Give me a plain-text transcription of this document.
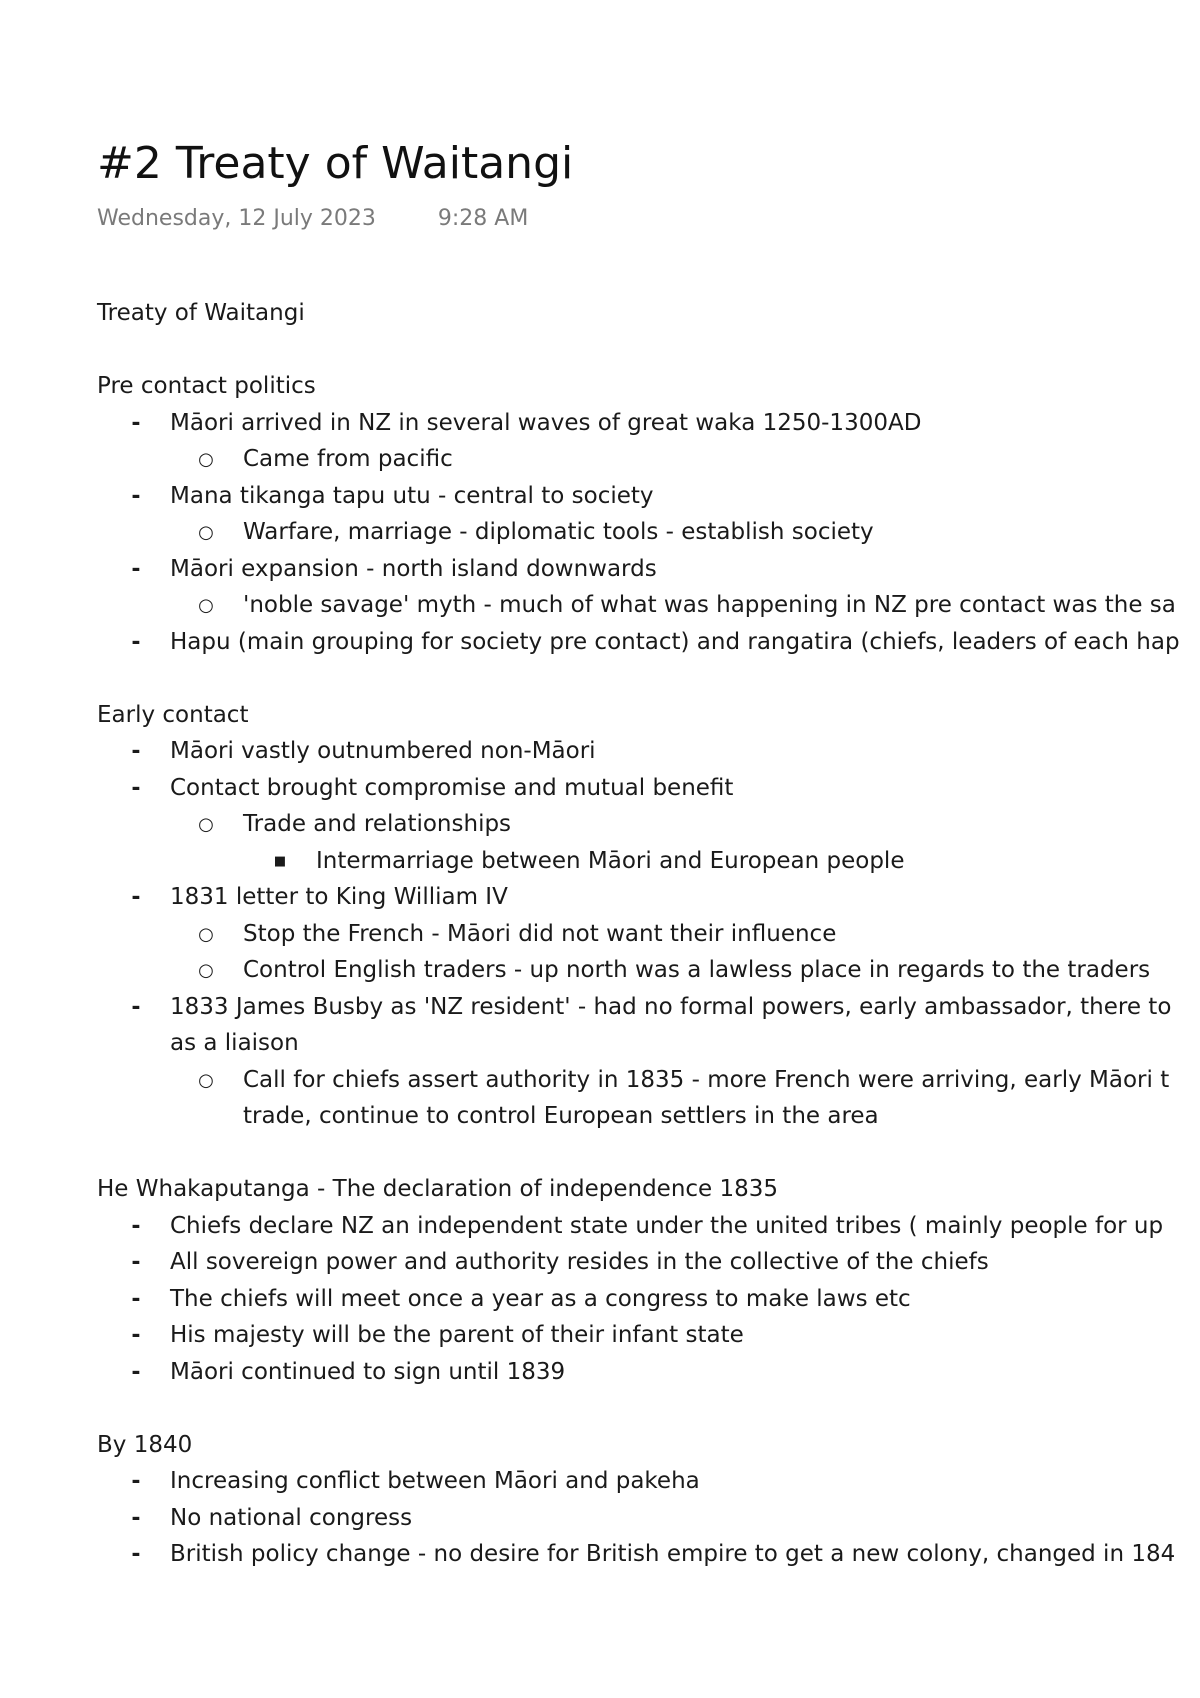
#2 Treaty of Waitangi
Wednesday, 12 July 2023	9:28 AM
Treaty of Waitangi
Pre contact politics
- Māori arrived in NZ in several waves of great waka 1250-1300AD
○ Came from pacific
- Mana tikanga tapu utu - central to society
○ Warfare, marriage - diplomatic tools - establish society
- Māori expansion - north island downwards
○ 'noble savage' myth - much of what was happening in NZ pre contact was the sa
- Hapu (main grouping for society pre contact) and rangatira (chiefs, leaders of each hap
Early contact
- Māori vastly outnumbered non-Māori
- Contact brought compromise and mutual benefit
○ Trade and relationships
■ Intermarriage between Māori and European people
- 1831 letter to King William IV
○ Stop the French - Māori did not want their influence
○ Control English traders - up north was a lawless place in regards to the traders
- 1833 James Busby as 'NZ resident' - had no formal powers, early ambassador, there to
as a liaison
○ Call for chiefs assert authority in 1835 - more French were arriving, early Māori t
trade, continue to control European settlers in the area
He Whakaputanga - The declaration of independence 1835
- Chiefs declare NZ an independent state under the united tribes ( mainly people for up
- All sovereign power and authority resides in the collective of the chiefs
- The chiefs will meet once a year as a congress to make laws etc
- His majesty will be the parent of their infant state
- Māori continued to sign until 1839
By 1840
- Increasing conflict between Māori and pakeha
- No national congress
- British policy change - no desire for British empire to get a new colony, changed in 184
